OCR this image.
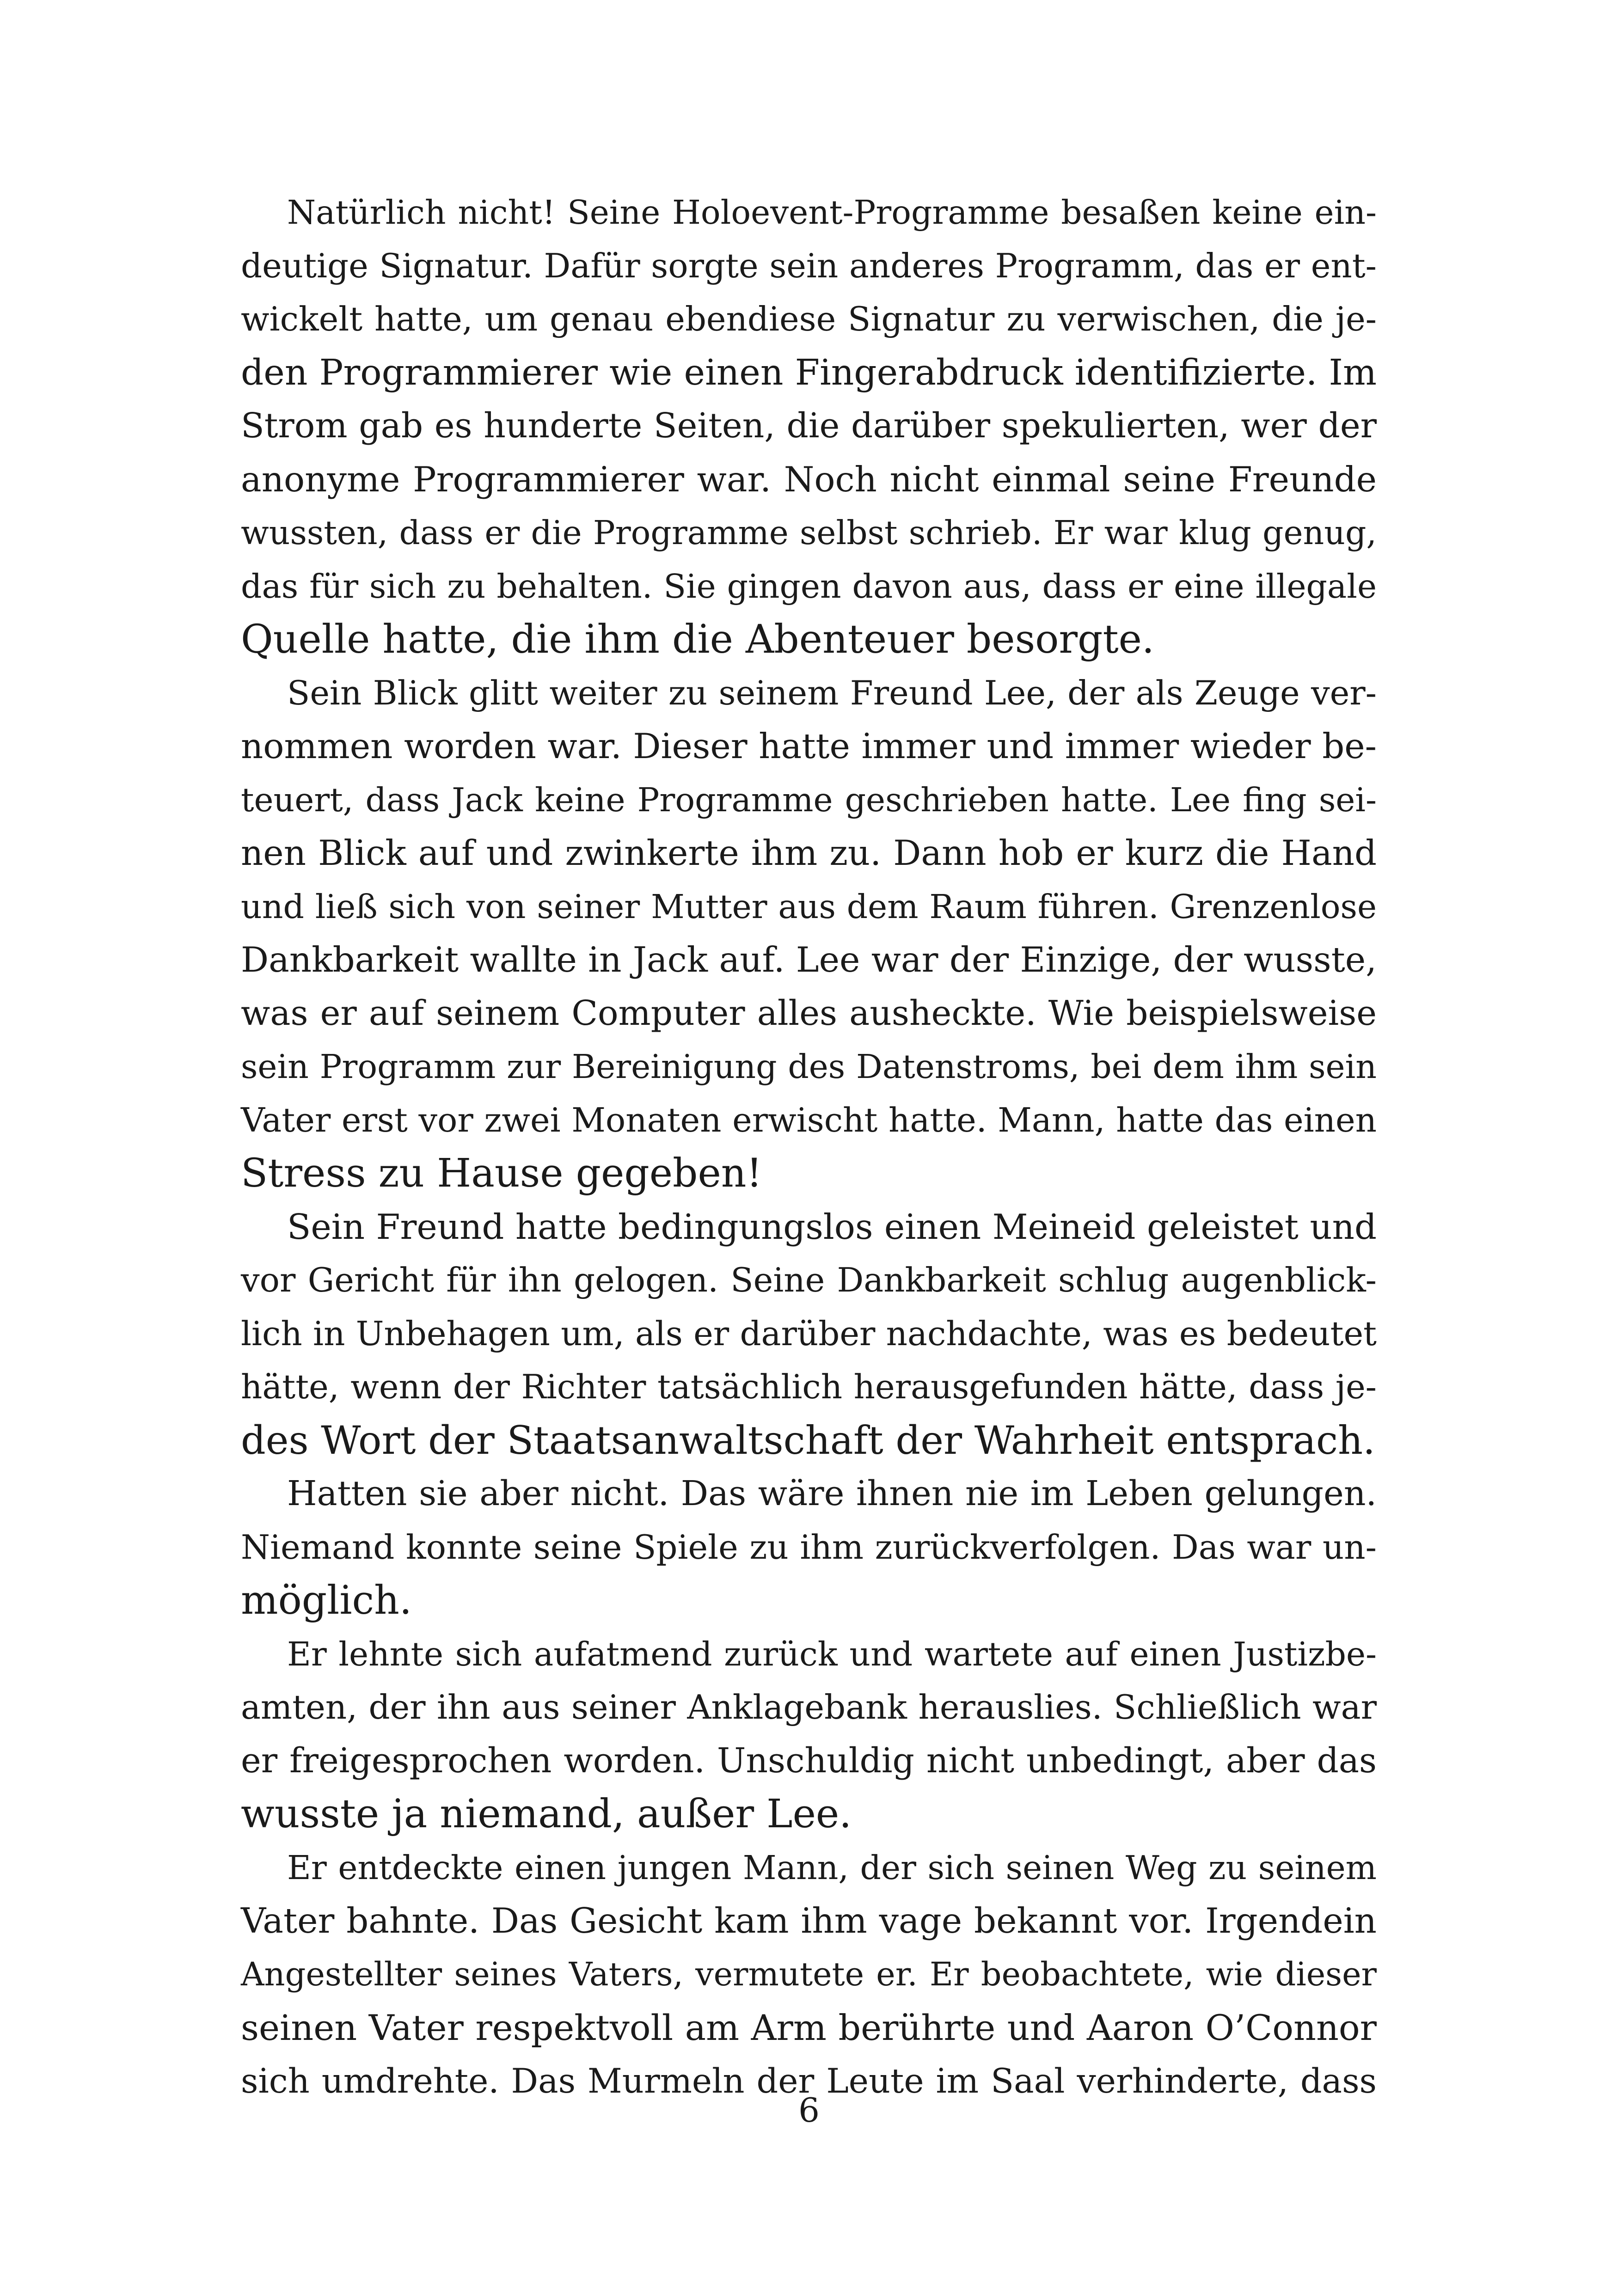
Natürlich nicht! Seine Holoevent-Programme besaßen keine ein-
deutige Signatur. Dafür sorgte sein anderes Programm, das er ent-
wickelt hatte, um genau ebendiese Signatur zu verwischen, die je-
den Programmierer wie einen Fingerabdruck identifizierte. Im
Strom gab es hunderte Seiten, die darüber spekulierten, wer der
anonyme Programmierer war. Noch nicht einmal seine Freunde
wussten, dass er die Programme selbst schrieb. Er war klug genug,
das für sich zu behalten. Sie gingen davon aus, dass er eine illegale
Quelle hatte, die ihm die Abenteuer besorgte.
Sein Blick glitt weiter zu seinem Freund Lee, der als Zeuge ver-
nommen worden war. Dieser hatte immer und immer wieder be-
teuert, dass Jack keine Programme geschrieben hatte. Lee fing sei-
nen Blick auf und zwinkerte ihm zu. Dann hob er kurz die Hand
und ließ sich von seiner Mutter aus dem Raum führen. Grenzenlose
Dankbarkeit wallte in Jack auf. Lee war der Einzige, der wusste,
was er auf seinem Computer alles ausheckte. Wie beispielsweise
sein Programm zur Bereinigung des Datenstroms, bei dem ihm sein
Vater erst vor zwei Monaten erwischt hatte. Mann, hatte das einen
Stress zu Hause gegeben!
Sein Freund hatte bedingungslos einen Meineid geleistet und
vor Gericht für ihn gelogen. Seine Dankbarkeit schlug augenblick-
lich in Unbehagen um, als er darüber nachdachte, was es bedeutet
hätte, wenn der Richter tatsächlich herausgefunden hätte, dass je-
des Wort der Staatsanwaltschaft der Wahrheit entsprach.
Hatten sie aber nicht. Das wäre ihnen nie im Leben gelungen.
Niemand konnte seine Spiele zu ihm zurückverfolgen. Das war un-
möglich.
Er lehnte sich aufatmend zurück und wartete auf einen Justizbe-
amten, der ihn aus seiner Anklagebank herauslies. Schließlich war
er freigesprochen worden. Unschuldig nicht unbedingt, aber das
wusste ja niemand, außer Lee.
Er entdeckte einen jungen Mann, der sich seinen Weg zu seinem
Vater bahnte. Das Gesicht kam ihm vage bekannt vor. Irgendein
Angestellter seines Vaters, vermutete er. Er beobachtete, wie dieser
seinen Vater respektvoll am Arm berührte und Aaron O’Connor
sich umdrehte. Das Murmeln der Leute im Saal verhinderte, dass
6
